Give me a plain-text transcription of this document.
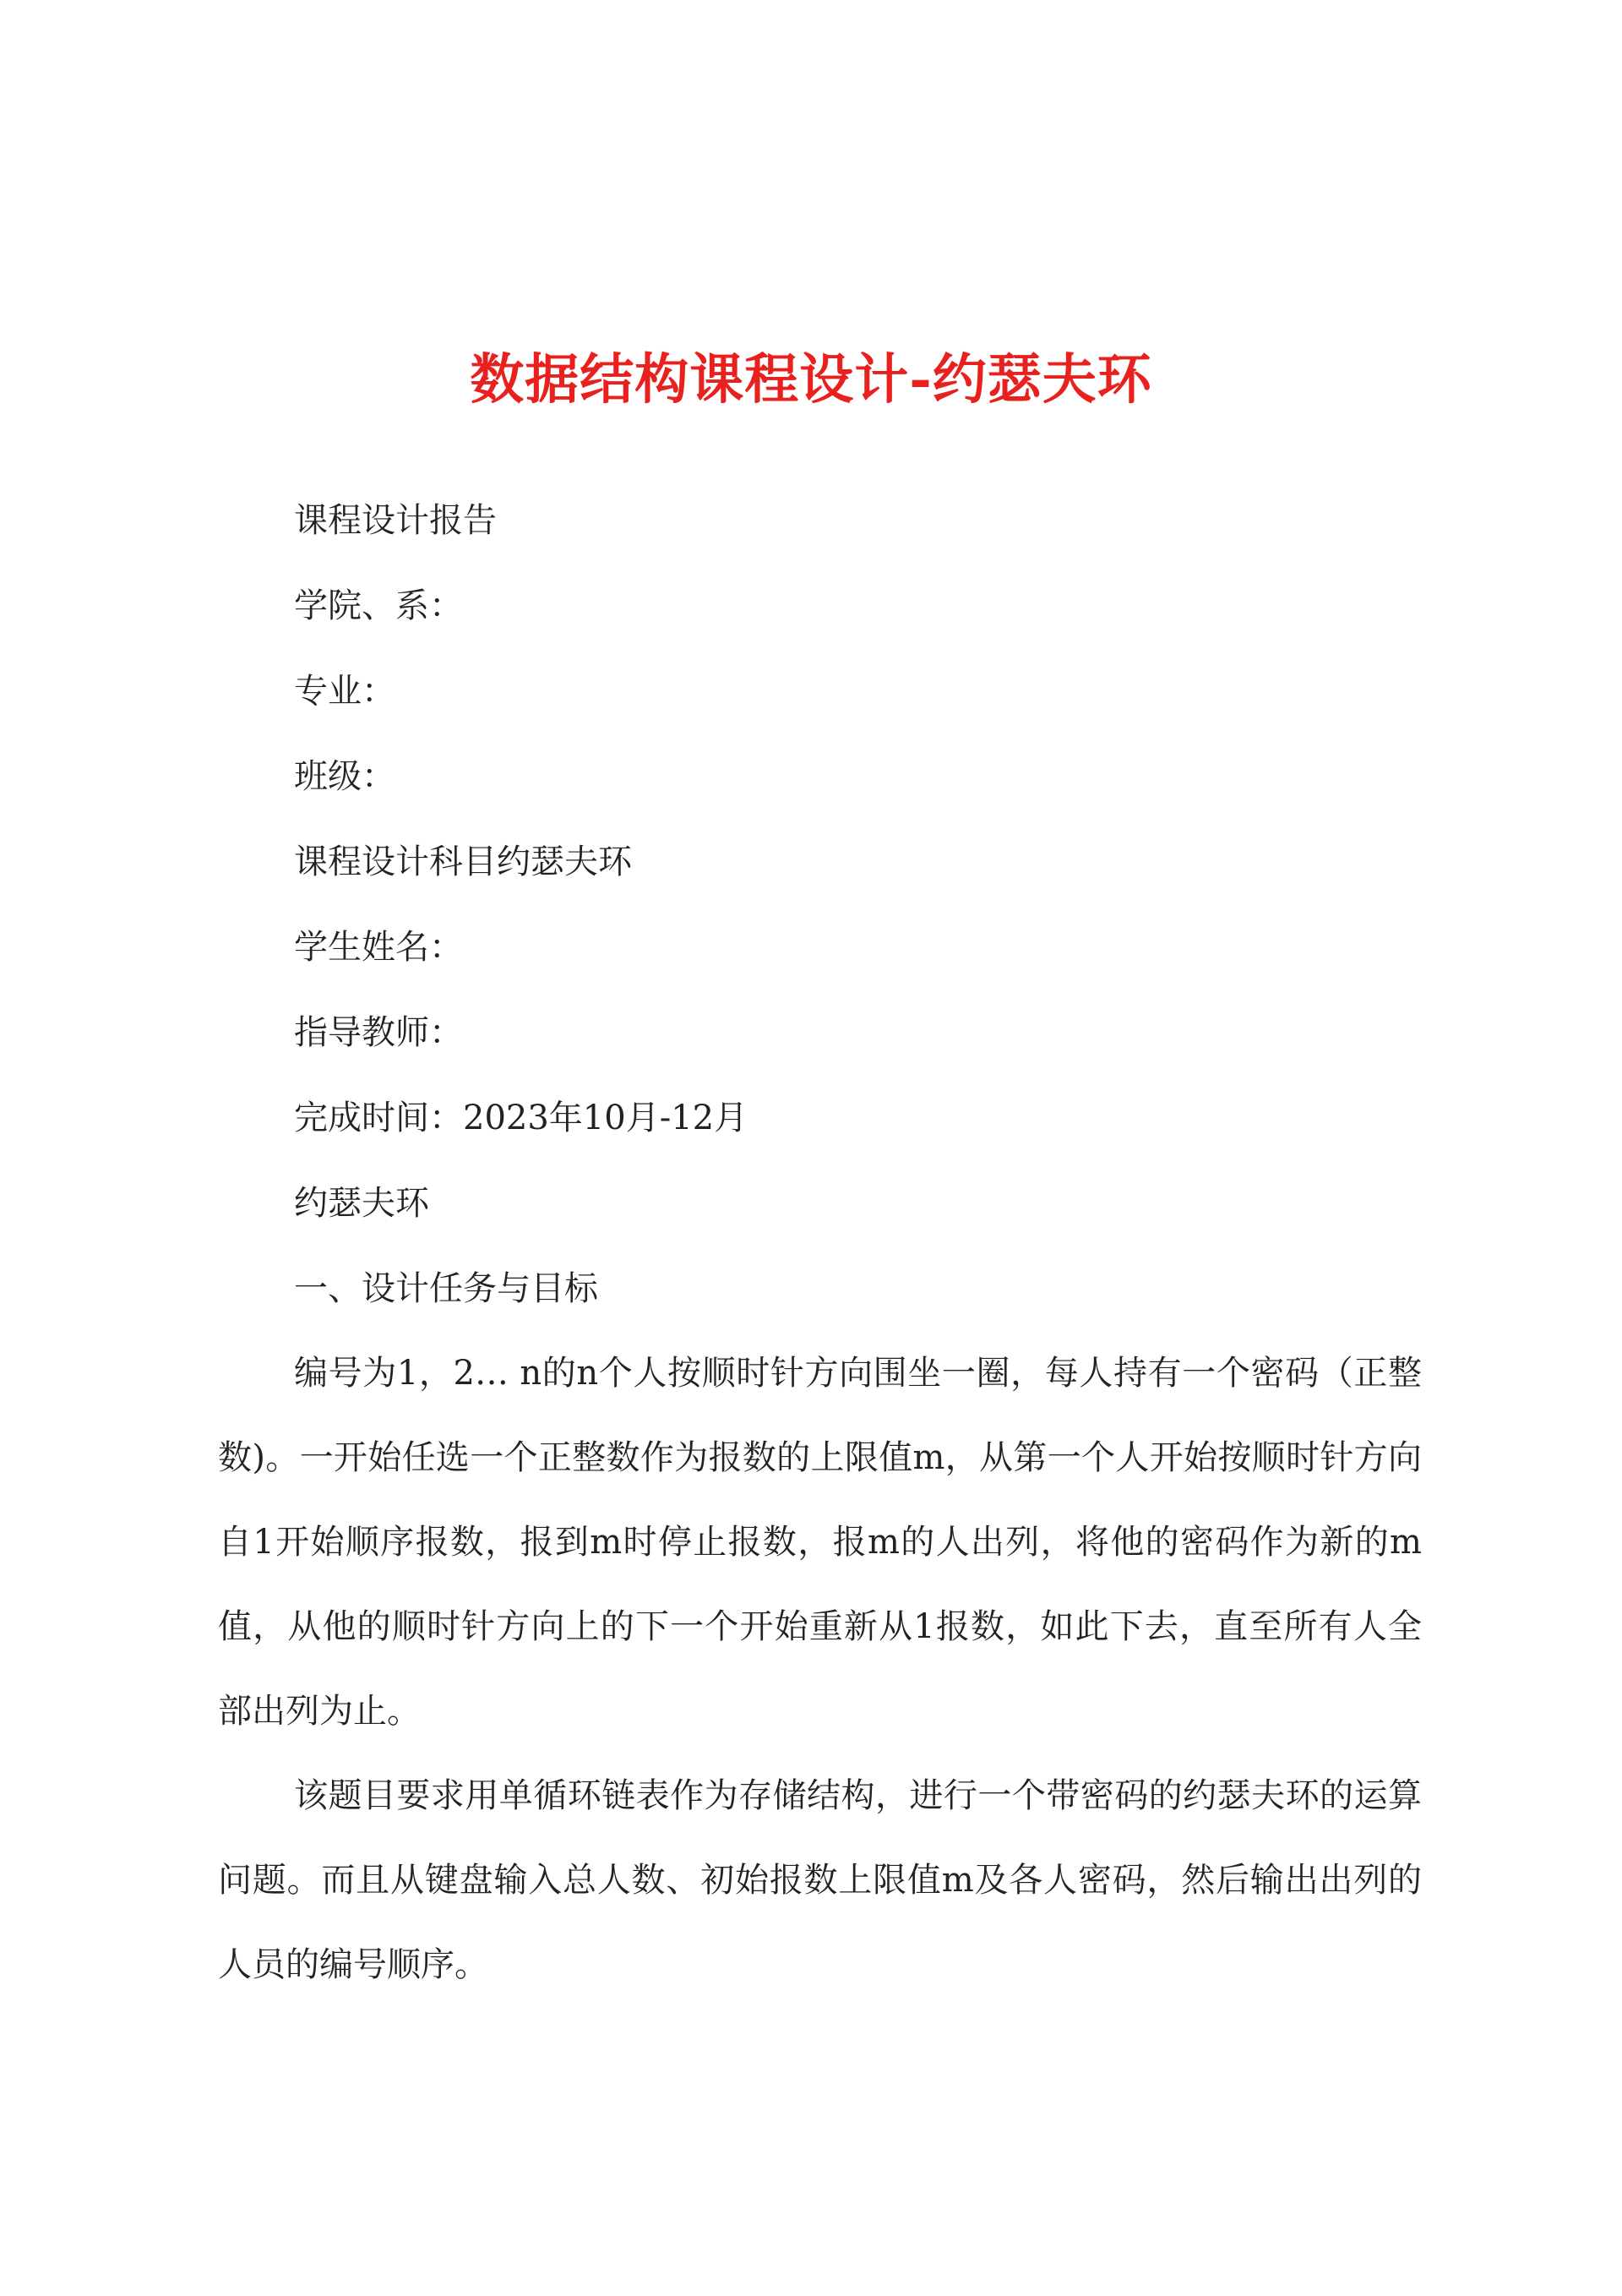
数据结构课程设计-约瑟夫环
课程设计报告
学院、系：
专业：
班级：
课程设计科目约瑟夫环
学生姓名：
指导教师：
完成时间：2023年10月-12月
约瑟夫环
一、设计任务与目标
编号为1，2… n的n个人按顺时针方向围坐一圈，每人持有一个密码（正整数)。一开始任选一个正整数作为报数的上限值m，从第一个人开始按顺时针方向自1开始顺序报数，报到m时停止报数，报m的人出列，将他的密码作为新的m值，从他的顺时针方向上的下一个开始重新从1报数，如此下去，直至所有人全部出列为止。
该题目要求用单循环链表作为存储结构，进行一个带密码的约瑟夫环的运算问题。而且从键盘输入总人数、初始报数上限值m及各人密码，然后输出出列的人员的编号顺序。
